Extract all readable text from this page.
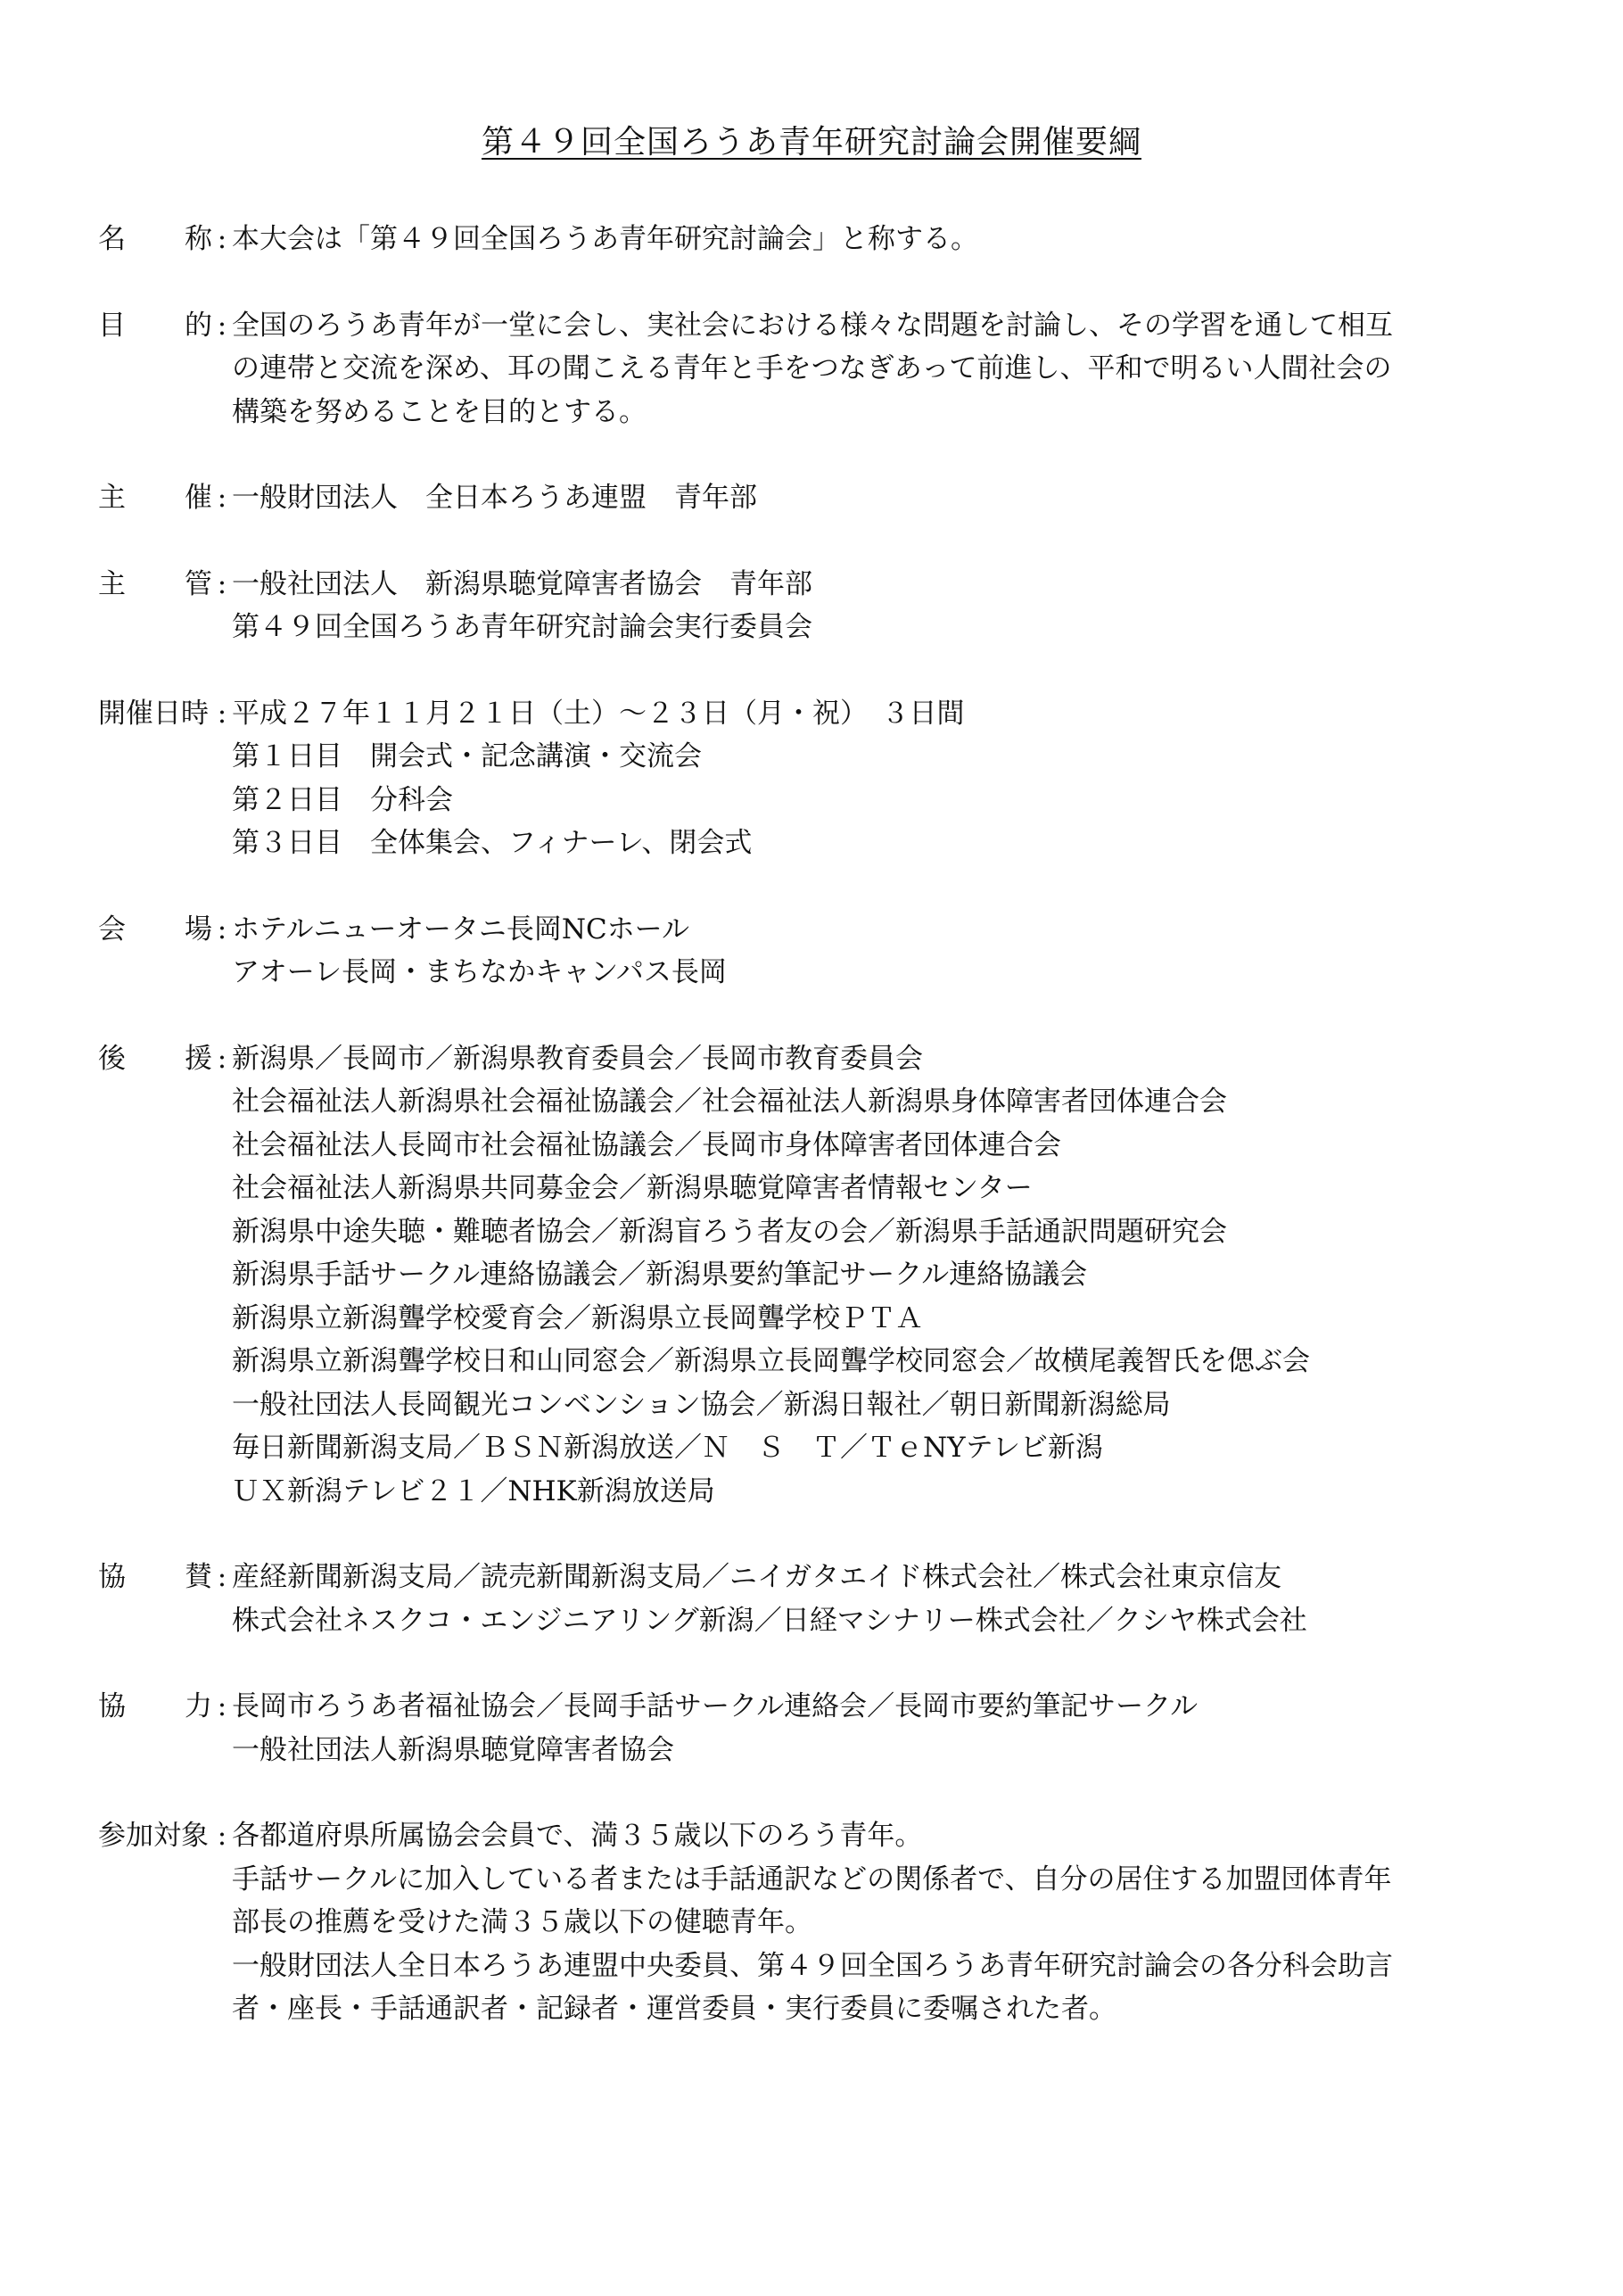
第４９回全国ろうあ青年研究討論会開催要綱
名 称 : 本大会は「第４９回全国ろうあ青年研究討論会」と称する。
目 的 : 全国のろうあ青年が一堂に会し、実社会における様々な問題を討論し、その学習を通して相互
の連帯と交流を深め、耳の聞こえる青年と手をつなぎあって前進し、平和で明るい人間社会の
構築を努めることを目的とする。
主 催 : 一般財団法人　全日本ろうあ連盟　青年部
主 管 : 一般社団法人　新潟県聴覚障害者協会　青年部
第４９回全国ろうあ青年研究討論会実行委員会
開催日時 : 平成２７年１１月２１日（土）～２３日（月・祝）　３日間
第１日目　開会式・記念講演・交流会
第２日目　分科会
第３日目　全体集会、フィナーレ、閉会式
会 場 : ホテルニューオータニ長岡NCホール
アオーレ長岡・まちなかキャンパス長岡
後 援 : 新潟県／長岡市／新潟県教育委員会／長岡市教育委員会
社会福祉法人新潟県社会福祉協議会／社会福祉法人新潟県身体障害者団体連合会
社会福祉法人長岡市社会福祉協議会／長岡市身体障害者団体連合会
社会福祉法人新潟県共同募金会／新潟県聴覚障害者情報センター
新潟県中途失聴・難聴者協会／新潟盲ろう者友の会／新潟県手話通訳問題研究会
新潟県手話サークル連絡協議会／新潟県要約筆記サークル連絡協議会
新潟県立新潟聾学校愛育会／新潟県立長岡聾学校ＰＴＡ
新潟県立新潟聾学校日和山同窓会／新潟県立長岡聾学校同窓会／故横尾義智氏を偲ぶ会
一般社団法人長岡観光コンベンション協会／新潟日報社／朝日新聞新潟総局
毎日新聞新潟支局／ＢＳＮ新潟放送／Ｎ　Ｓ　Ｔ／ＴｅNYテレビ新潟
ＵＸ新潟テレビ２１／NHK新潟放送局
協 賛 : 産経新聞新潟支局／読売新聞新潟支局／ニイガタエイド株式会社／株式会社東京信友
株式会社ネスクコ・エンジニアリング新潟／日経マシナリー株式会社／クシヤ株式会社
協 力 : 長岡市ろうあ者福祉協会／長岡手話サークル連絡会／長岡市要約筆記サークル
一般社団法人新潟県聴覚障害者協会
参加対象 : 各都道府県所属協会会員で、満３５歳以下のろう青年。
手話サークルに加入している者または手話通訳などの関係者で、自分の居住する加盟団体青年
部長の推薦を受けた満３５歳以下の健聴青年。
一般財団法人全日本ろうあ連盟中央委員、第４９回全国ろうあ青年研究討論会の各分科会助言
者・座長・手話通訳者・記録者・運営委員・実行委員に委嘱された者。
